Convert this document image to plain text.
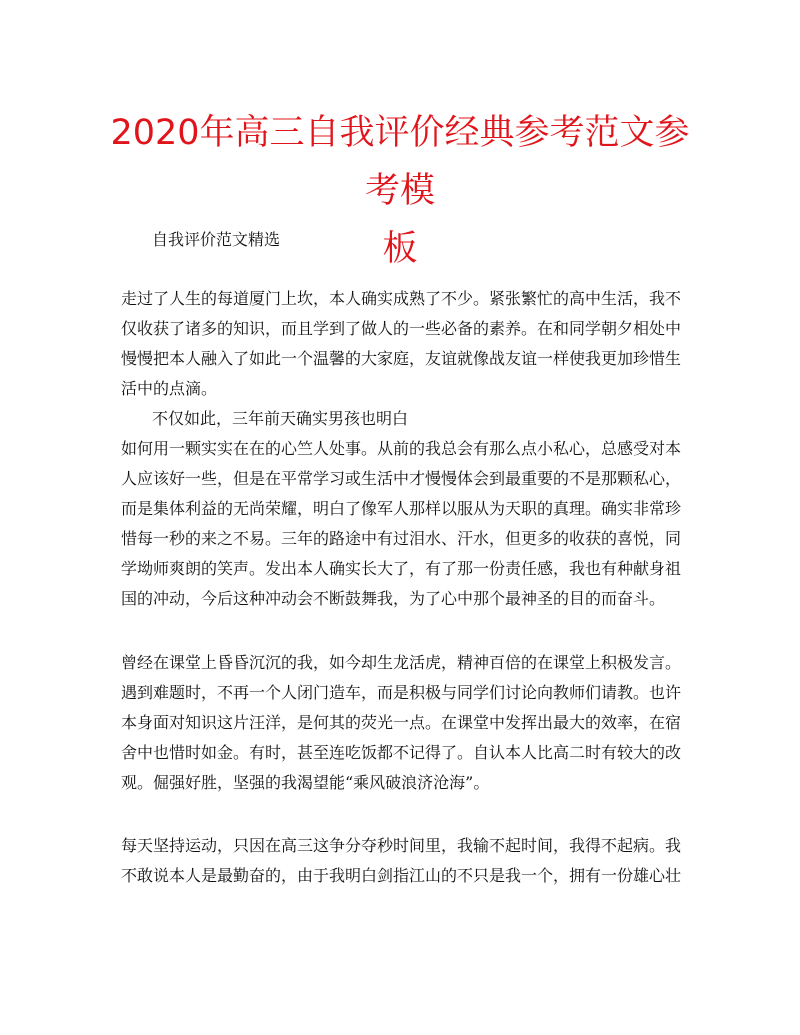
2020年高三自我评价经典参考范文参考模
板

自我评价范文精选

走过了人生的每道厦门上坎，本人确实成熟了不少。紧张繁忙的高中生活，我不

仅收获了诸多的知识，而且学到了做人的一些必备的素养。在和同学朝夕相处中

慢慢把本人融入了如此一个温馨的大家庭，友谊就像战友谊一样使我更加珍惜生

活中的点滴。

不仅如此，三年前天确实男孩也明白

如何用一颗实实在在的心竺人处事。从前的我总会有那么点小私心，总感受对本

人应该好一些，但是在平常学习或生活中才慢慢体会到最重要的不是那颗私心，

而是集体利益的无尚荣耀，明白了像军人那样以服从为天职的真理。确实非常珍

惜每一秒的来之不易。三年的路途中有过泪水、汗水，但更多的收获的喜悦，同

学坳师爽朗的笑声。发出本人确实长大了，有了那一份责任感，我也有种献身祖

国的冲动，今后这种冲动会不断鼓舞我，为了心中那个最神圣的目的而奋斗。

曾经在课堂上昏昏沉沉的我，如今却生龙活虎，精神百倍的在课堂上积极发言。

遇到难题时，不再一个人闭门造车，而是积极与同学们讨论向教师们请教。也许

本身面对知识这片汪洋，是何其的荧光一点。在课堂中发挥出最大的效率，在宿

舍中也惜时如金。有时，甚至连吃饭都不记得了。自认本人比高二时有较大的改

观。倔强好胜，坚强的我渴望能“乘风破浪济沧海”。

每天坚持运动，只因在高三这争分夺秒时间里，我输不起时间，我得不起病。我

不敢说本人是最勤奋的，由于我明白剑指江山的不只是我一个，拥有一份雄心壮
